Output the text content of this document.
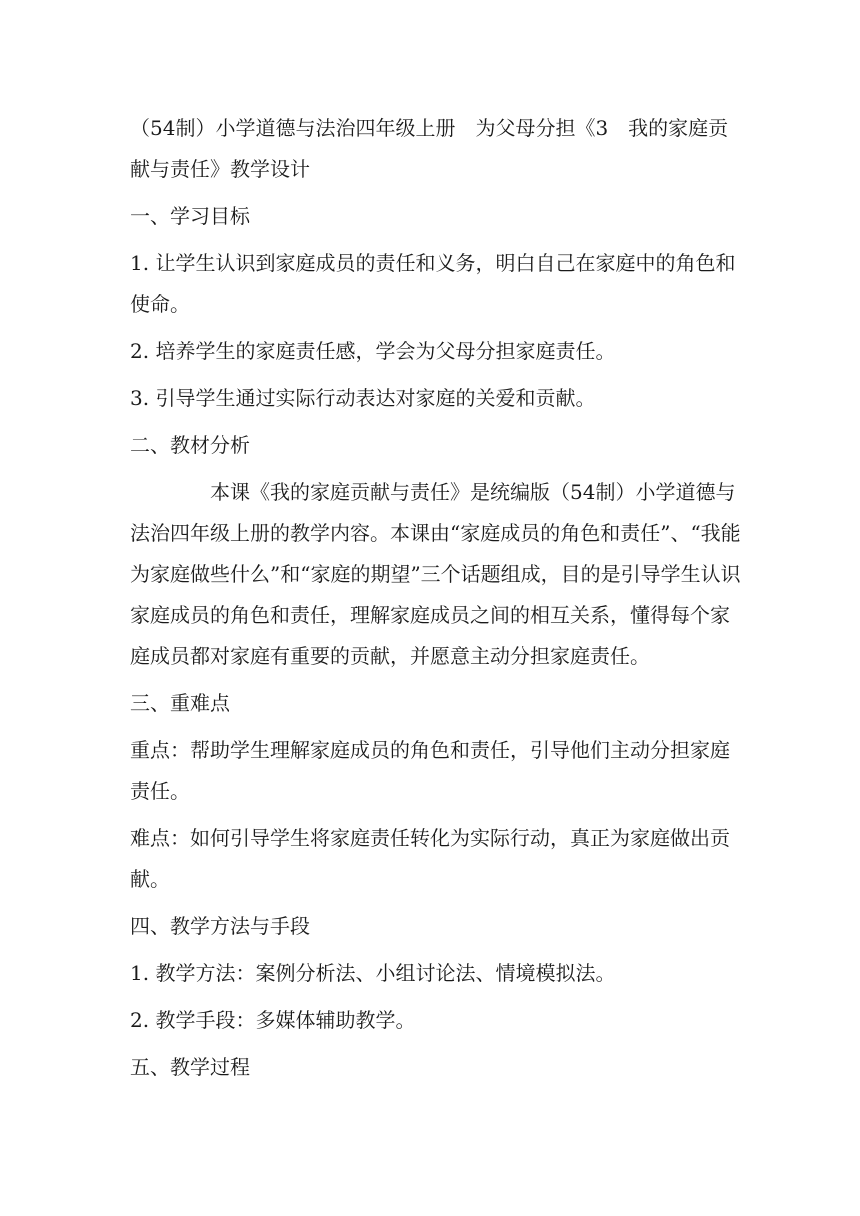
（54制）小学道德与法治四年级上册　为父母分担《3　我的家庭贡献与责任》教学设计

一、学习目标

1. 让学生认识到家庭成员的责任和义务，明白自己在家庭中的角色和使命。

2. 培养学生的家庭责任感，学会为父母分担家庭责任。

3. 引导学生通过实际行动表达对家庭的关爱和贡献。

二、教材分析

本课《我的家庭贡献与责任》是统编版（54制）小学道德与法治四年级上册的教学内容。本课由“家庭成员的角色和责任”、“我能为家庭做些什么”和“家庭的期望”三个话题组成，目的是引导学生认识家庭成员的角色和责任，理解家庭成员之间的相互关系，懂得每个家庭成员都对家庭有重要的贡献，并愿意主动分担家庭责任。

三、重难点

重点：帮助学生理解家庭成员的角色和责任，引导他们主动分担家庭责任。

难点：如何引导学生将家庭责任转化为实际行动，真正为家庭做出贡献。

四、教学方法与手段

1. 教学方法：案例分析法、小组讨论法、情境模拟法。

2. 教学手段：多媒体辅助教学。

五、教学过程
